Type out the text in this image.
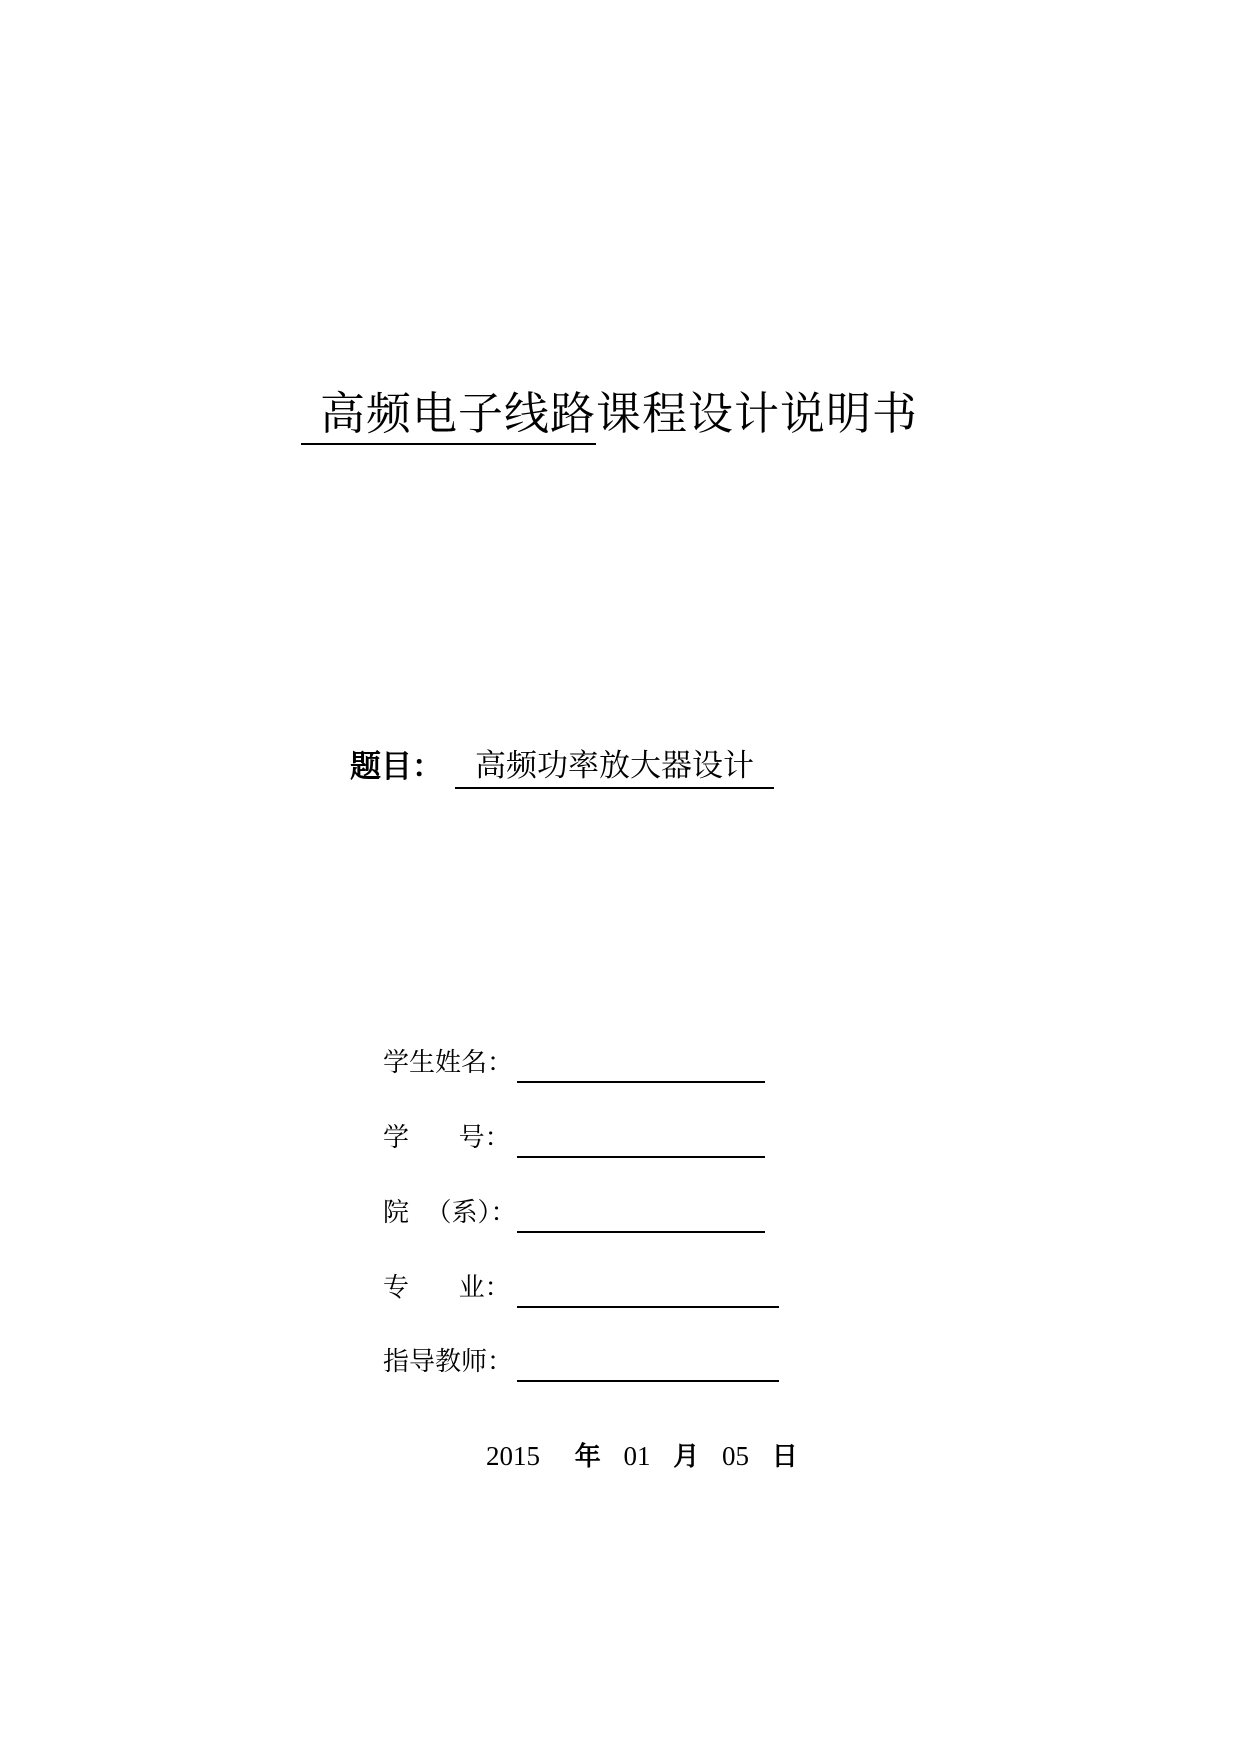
高频电子线路课程设计说明书
题目： 高频功率放大器设计
学生姓名：
学      号：
院  （系）：
专      业：
指导教师：
2015 年 01 月 05 日
